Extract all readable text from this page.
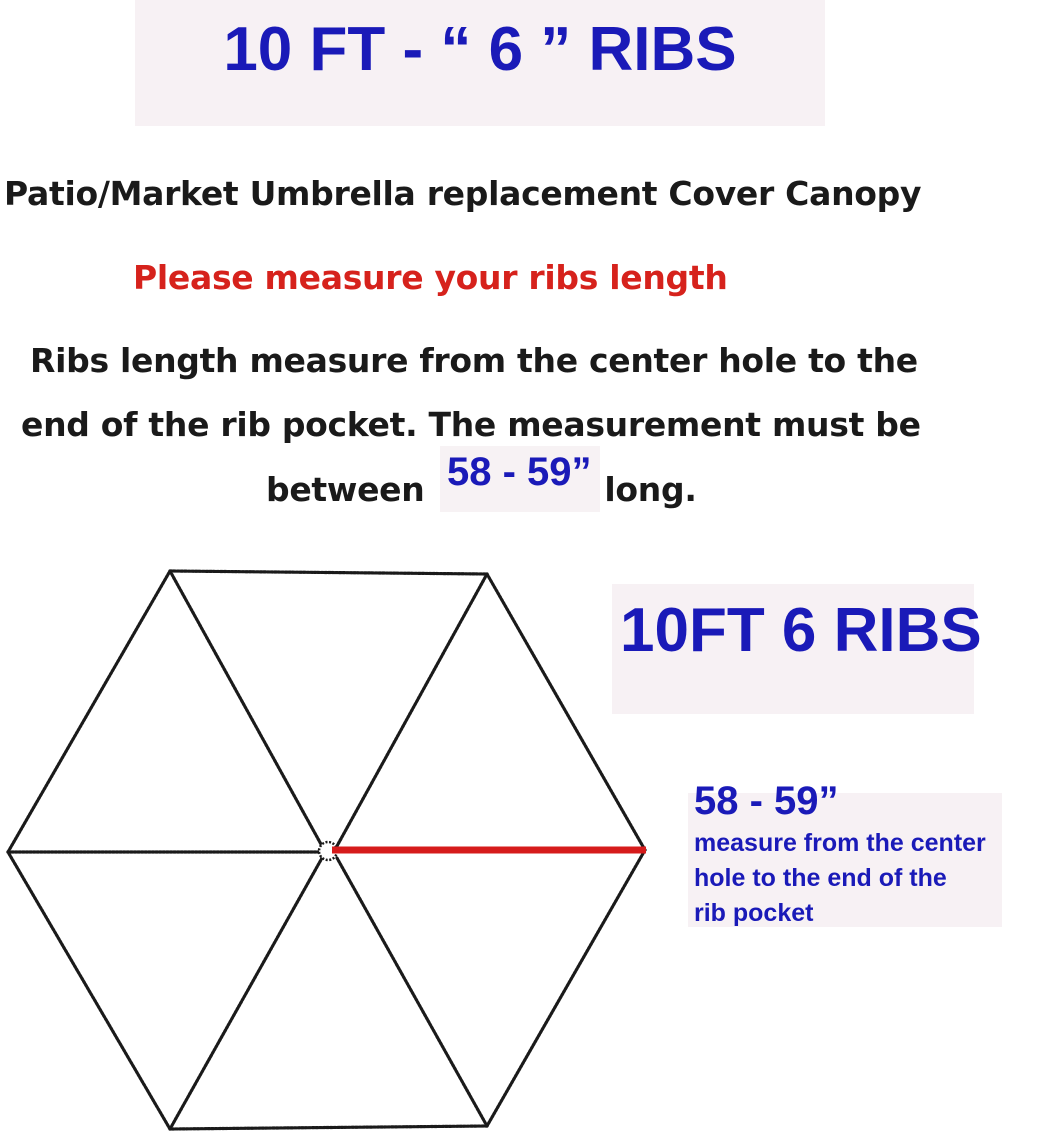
10 FT - “ 6 ” RIBS
Patio/Market Umbrella replacement Cover Canopy
Please measure your ribs length
Ribs length measure from the center hole to the
end of the rib pocket. The measurement must be
between	long.
58 - 59”
10FT 6 RIBS
58 - 59”
measure from the center
hole to the end of the
rib pocket
